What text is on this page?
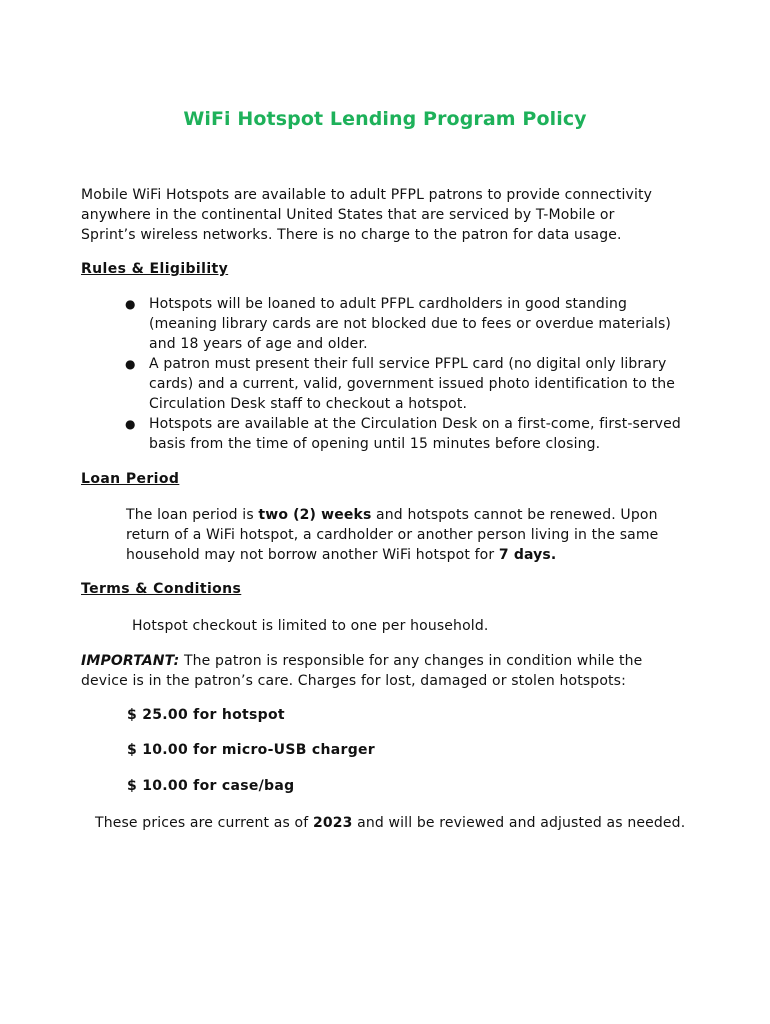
WiFi Hotspot Lending Program Policy

Mobile WiFi Hotspots are available to adult PFPL patrons to provide connectivity anywhere in the continental United States that are serviced by T-Mobile or Sprint’s wireless networks. There is no charge to the patron for data usage.

Rules & Eligibility
● Hotspots will be loaned to adult PFPL cardholders in good standing (meaning library cards are not blocked due to fees or overdue materials) and 18 years of age and older.
● A patron must present their full service PFPL card (no digital only library cards) and a current, valid, government issued photo identification to the Circulation Desk staff to checkout a hotspot.
● Hotspots are available at the Circulation Desk on a first-come, first-served basis from the time of opening until 15 minutes before closing.
Loan Period

The loan period is two (2) weeks and hotspots cannot be renewed. Upon return of a WiFi hotspot, a cardholder or another person living in the same household may not borrow another WiFi hotspot for 7 days.

Terms & Conditions

Hotspot checkout is limited to one per household.

IMPORTANT: The patron is responsible for any changes in condition while the device is in the patron’s care. Charges for lost, damaged or stolen hotspots:

$ 25.00 for hotspot
$ 10.00 for micro-USB charger
$ 10.00 for case/bag

These prices are current as of 2023 and will be reviewed and adjusted as needed.
